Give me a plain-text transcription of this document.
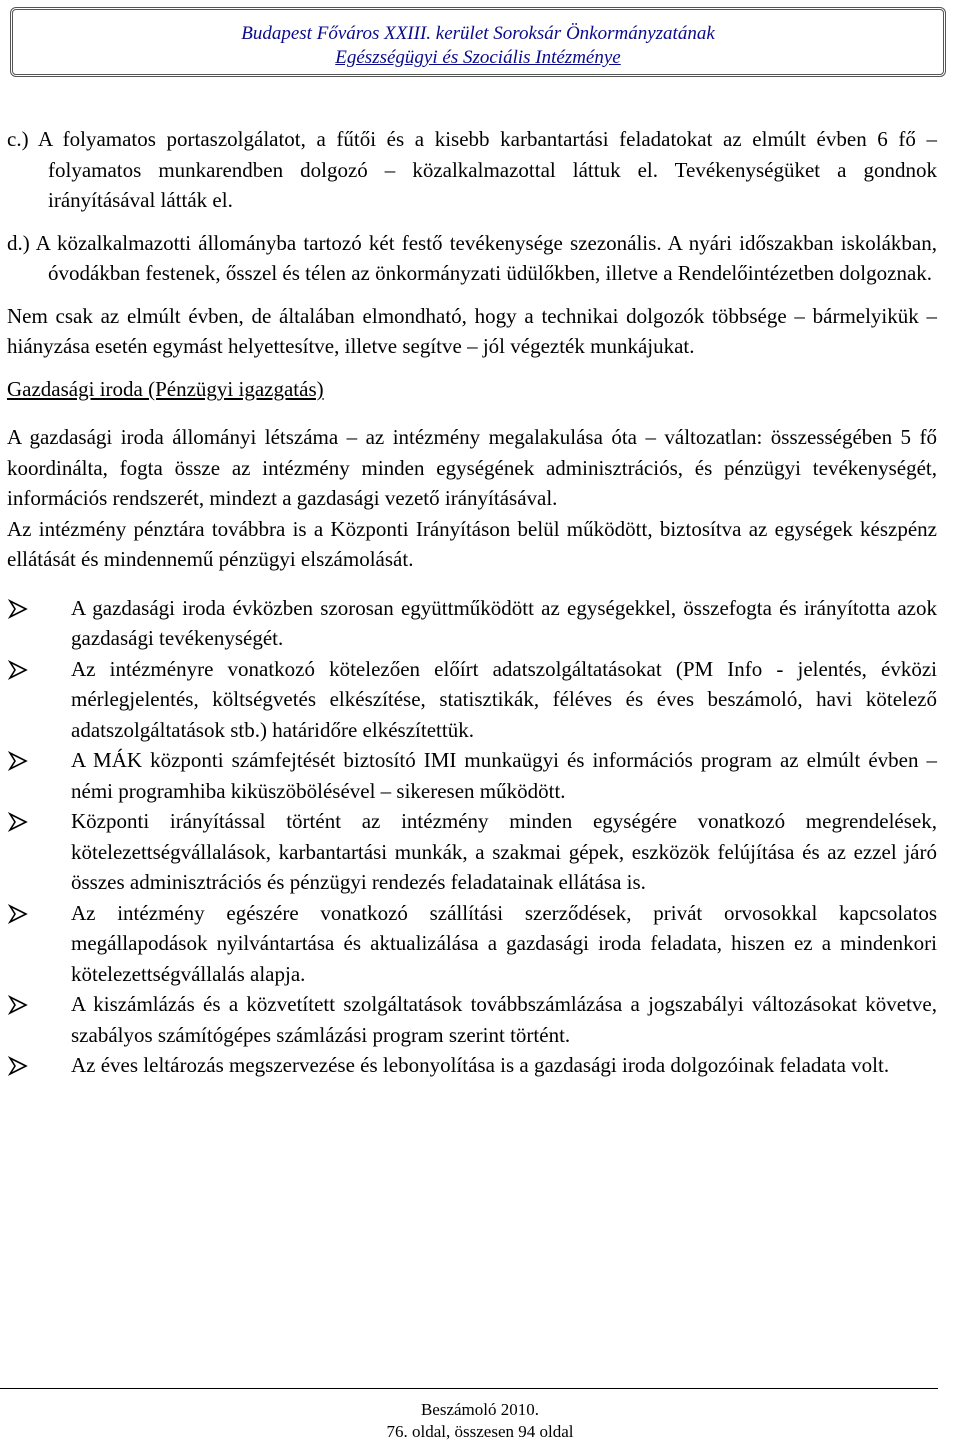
Budapest Főváros XXIII. kerület Soroksár Önkormányzatának
Egészségügyi és Szociális Intézménye

c.) A folyamatos portaszolgálatot, a fűtői és a kisebb karbantartási feladatokat az elmúlt évben 6 fő – folyamatos munkarendben dolgozó – közalkalmazottal láttuk el. Tevékenységüket a gondnok irányításával látták el.

d.) A közalkalmazotti állományba tartozó két festő tevékenysége szezonális. A nyári időszakban iskolákban, óvodákban festenek, ősszel és télen az önkormányzati üdülőkben, illetve a Rendelőintézetben dolgoznak.

Nem csak az elmúlt évben, de általában elmondható, hogy a technikai dolgozók többsége – bármelyikük – hiányzása esetén egymást helyettesítve, illetve segítve – jól végezték munkájukat.

Gazdasági iroda (Pénzügyi igazgatás)

A gazdasági iroda állományi létszáma – az intézmény megalakulása óta – változatlan: összességében 5 fő koordinálta, fogta össze az intézmény minden egységének adminisztrációs, és pénzügyi tevékenységét, információs rendszerét, mindezt a gazdasági vezető irányításával.

Az intézmény pénztára továbbra is a Központi Irányításon belül működött, biztosítva az egységek készpénz ellátását és mindennemű pénzügyi elszámolását.

A gazdasági iroda évközben szorosan együttműködött az egységekkel, összefogta és irányította azok gazdasági tevékenységét.
Az intézményre vonatkozó kötelezően előírt adatszolgáltatásokat (PM Info - jelentés, évközi mérlegjelentés, költségvetés elkészítése, statisztikák, féléves és éves beszámoló, havi kötelező adatszolgáltatások stb.) határidőre elkészítettük.
A MÁK központi számfejtését biztosító IMI munkaügyi és információs program az elmúlt évben – némi programhiba kiküszöbölésével – sikeresen működött.
Központi irányítással történt az intézmény minden egységére vonatkozó megrendelések, kötelezettségvállalások, karbantartási munkák, a szakmai gépek, eszközök felújítása és az ezzel járó összes adminisztrációs és pénzügyi rendezés feladatainak ellátása is.
Az intézmény egészére vonatkozó szállítási szerződések, privát orvosokkal kapcsolatos megállapodások nyilvántartása és aktualizálása a gazdasági iroda feladata, hiszen ez a mindenkori kötelezettségvállalás alapja.
A kiszámlázás és a közvetített szolgáltatások továbbszámlázása a jogszabályi változásokat követve, szabályos számítógépes számlázási program szerint történt.
Az éves leltározás megszervezése és lebonyolítása is a gazdasági iroda dolgozóinak feladata volt.
Beszámoló 2010.
76. oldal, összesen 94 oldal
